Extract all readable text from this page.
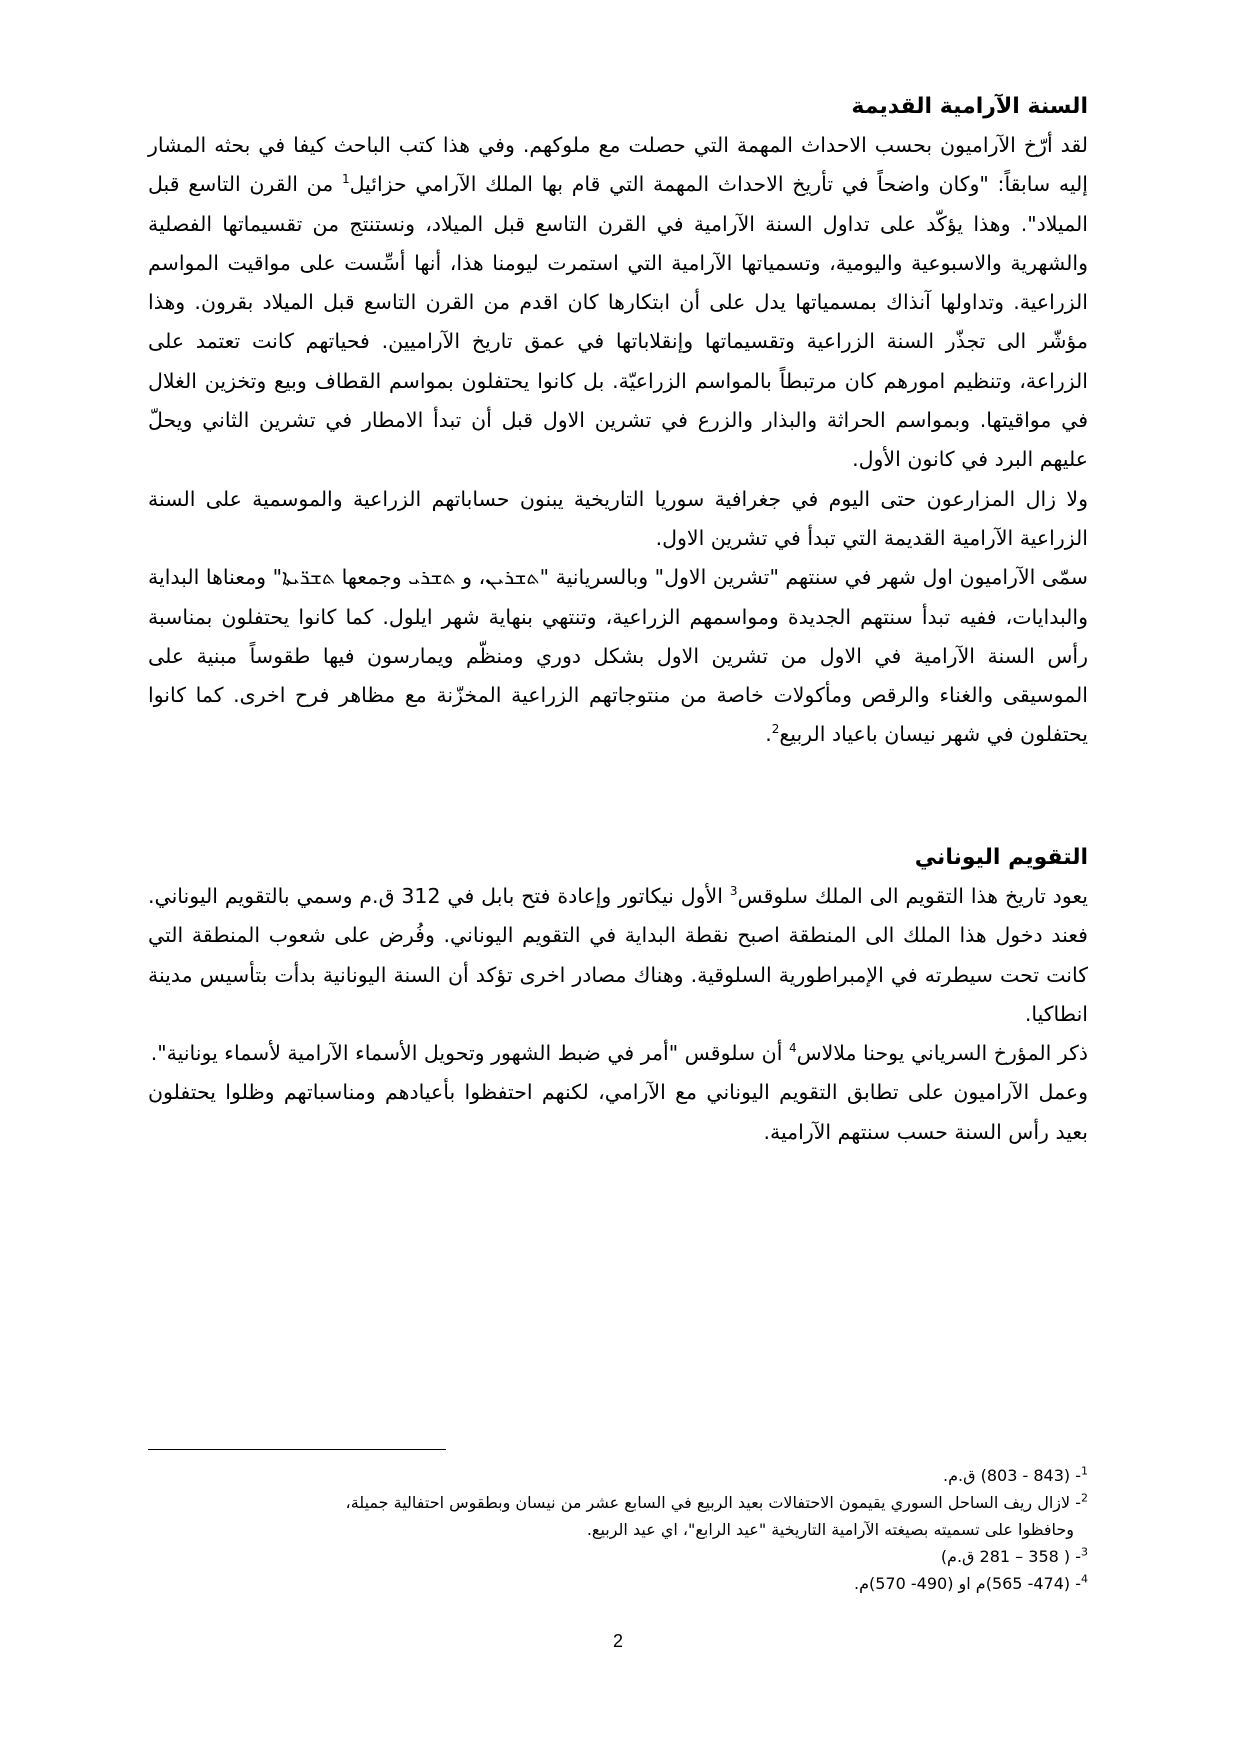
السنة الآرامية القديمة

لقد أرّخ الآراميون بحسب الاحداث المهمة التي حصلت مع ملوكهم. وفي هذا كتب الباحث كيفا في بحثه المشار إليه سابقاً: "وكان واضحاً في تأريخ الاحداث المهمة التي قام بها الملك الآرامي حزائيل$^1$ من القرن التاسع قبل الميلاد". وهذا يؤكّد على تداول السنة الآرامية في القرن التاسع قبل الميلاد، ونستنتج من تقسيماتها الفصلية والشهرية والاسبوعية واليومية، وتسمياتها الآرامية التي استمرت ليومنا هذا، أنها أسِّست على مواقيت المواسم الزراعية. وتداولها آنذاك بمسمياتها يدل على أن ابتكارها كان اقدم من القرن التاسع قبل الميلاد بقرون. وهذا مؤشّر الى تجذّر السنة الزراعية وتقسيماتها وإنقلاباتها في عمق تاريخ الآراميين. فحياتهم كانت تعتمد على الزراعة، وتنظيم امورهم كان مرتبطاً بالمواسم الزراعيّة. بل كانوا يحتفلون بمواسم القطاف وبيع وتخزين الغلال في مواقيتها. وبمواسم الحراثة والبذار والزرع في تشرين الاول قبل أن تبدأ الامطار في تشرين الثاني ويحلّ عليهم البرد في كانون الأول.

ولا زال المزارعون حتى اليوم في جغرافية سوريا التاريخية يبنون حساباتهم الزراعية والموسمية على السنة الزراعية الآرامية القديمة التي تبدأ في تشرين الاول.

سمّى الآراميون اول شهر في سنتهم "تشرين الاول" وبالسريانية "ܬܫܪܝܢ، و ܬܫܪܝ وجمعها ܬܫܪ̈ܝܬܐ" ومعناها البداية والبدايات، ففيه تبدأ سنتهم الجديدة ومواسمهم الزراعية، وتنتهي بنهاية شهر ايلول. كما كانوا يحتفلون بمناسبة رأس السنة الآرامية في الاول من تشرين الاول بشكل دوري ومنظّم ويمارسون فيها طقوساً مبنية على الموسيقى والغناء والرقص ومأكولات خاصة من منتوجاتهم الزراعية المخزّنة مع مظاهر فرح اخرى. كما كانوا يحتفلون في شهر نيسان باعياد الربيع$^2$.

التقويم اليوناني

يعود تاريخ هذا التقويم الى الملك سلوقس$^3$ الأول نيكاتور وإعادة فتح بابل في 312 ق.م وسمي بالتقويم اليوناني. فعند دخول هذا الملك الى المنطقة اصبح نقطة البداية في التقويم اليوناني. وفُرض على شعوب المنطقة التي كانت تحت سيطرته في الإمبراطورية السلوقية. وهناك مصادر اخرى تؤكد أن السنة اليونانية بدأت بتأسيس مدينة انطاكيا.

ذكر المؤرخ السرياني يوحنا ملالاس$^4$ أن سلوقس "أمر في ضبط الشهور وتحويل الأسماء الآرامية لأسماء يونانية".

وعمل الآراميون على تطابق التقويم اليوناني مع الآرامي، لكنهم احتفظوا بأعيادهم ومناسباتهم وظلوا يحتفلون بعيد رأس السنة حسب سنتهم الآرامية.

$^1$- (843 - 803) ق.م.

$^2$- لازال ريف الساحل السوري يقيمون الاحتفالات بعيد الربيع في السابع عشر من نيسان وبطقوس احتفالية جميلة،

وحافظوا على تسميته بصيغته الآرامية التاريخية "عيد الرابع"، اي عيد الربيع.

$^3$- ( 358 – 281 ق.م)

$^4$- (474- 565)م او (490- 570)م.

2
